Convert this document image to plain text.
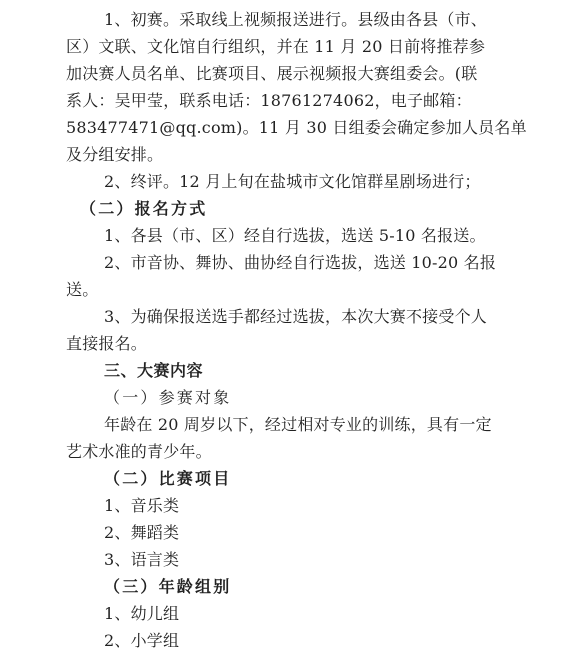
1、初赛。采取线上视频报送进行。县级由各县（市、
区）文联、文化馆自行组织，并在 11 月 20 日前将推荐参
加决赛人员名单、比赛项目、展示视频报大赛组委会。(联
系人：吴甲莹，联系电话：18761274062，电子邮箱：
583477471@qq.com)。11 月 30 日组委会确定参加人员名单
及分组安排。
2、终评。12 月上旬在盐城市文化馆群星剧场进行；
（二）报名方式
1、各县（市、区）经自行选拔，选送 5-10 名报送。
2、市音协、舞协、曲协经自行选拔，选送 10-20 名报
送。
3、为确保报送选手都经过选拔，本次大赛不接受个人
直接报名。
三、大赛内容
（一）参赛对象
年龄在 20 周岁以下，经过相对专业的训练，具有一定
艺术水准的青少年。
（二）比赛项目
1、音乐类
2、舞蹈类
3、语言类
（三）年龄组别
1、幼儿组
2、小学组
